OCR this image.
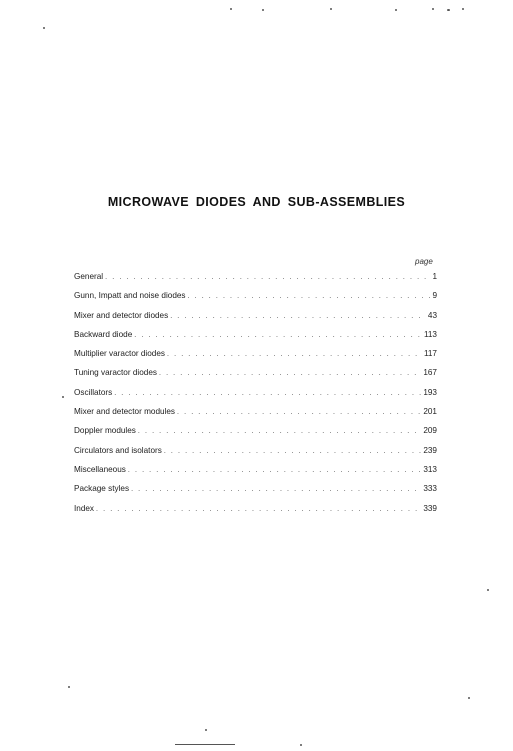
MICROWAVE DIODES AND SUB-ASSEMBLIES
page
General . . .	1
Gunn, Impatt and noise diodes . . .	9
Mixer and detector diodes . . .	43
Backward diode . . .	113
Multiplier varactor diodes . . .	117
Tuning varactor diodes . . .	167
Oscillators . . .	193
Mixer and detector modules . . .	201
Doppler modules . . .	209
Circulators and isolators . . .	239
Miscellaneous . . .	313
Package styles . . .	333
Index . . .	339
